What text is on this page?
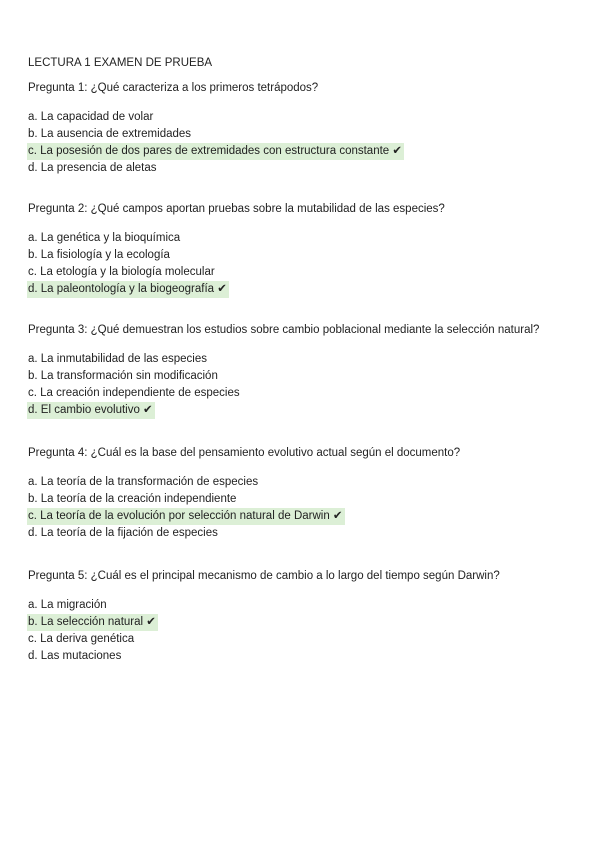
LECTURA 1 EXAMEN DE PRUEBA
Pregunta 1: ¿Qué caracteriza a los primeros tetrápodos?
a. La capacidad de volar
b. La ausencia de extremidades
c. La posesión de dos pares de extremidades con estructura constante ✔
d. La presencia de aletas
Pregunta 2: ¿Qué campos aportan pruebas sobre la mutabilidad de las especies?
a. La genética y la bioquímica
b. La fisiología y la ecología
c. La etología y la biología molecular
d. La paleontología y la biogeografía ✔
Pregunta 3: ¿Qué demuestran los estudios sobre cambio poblacional mediante la selección natural?
a. La inmutabilidad de las especies
b. La transformación sin modificación
c. La creación independiente de especies
d. El cambio evolutivo ✔
Pregunta 4: ¿Cuál es la base del pensamiento evolutivo actual según el documento?
a. La teoría de la transformación de especies
b. La teoría de la creación independiente
c. La teoría de la evolución por selección natural de Darwin ✔
d. La teoría de la fijación de especies
Pregunta 5: ¿Cuál es el principal mecanismo de cambio a lo largo del tiempo según Darwin?
a. La migración
b. La selección natural ✔
c. La deriva genética
d. Las mutaciones
